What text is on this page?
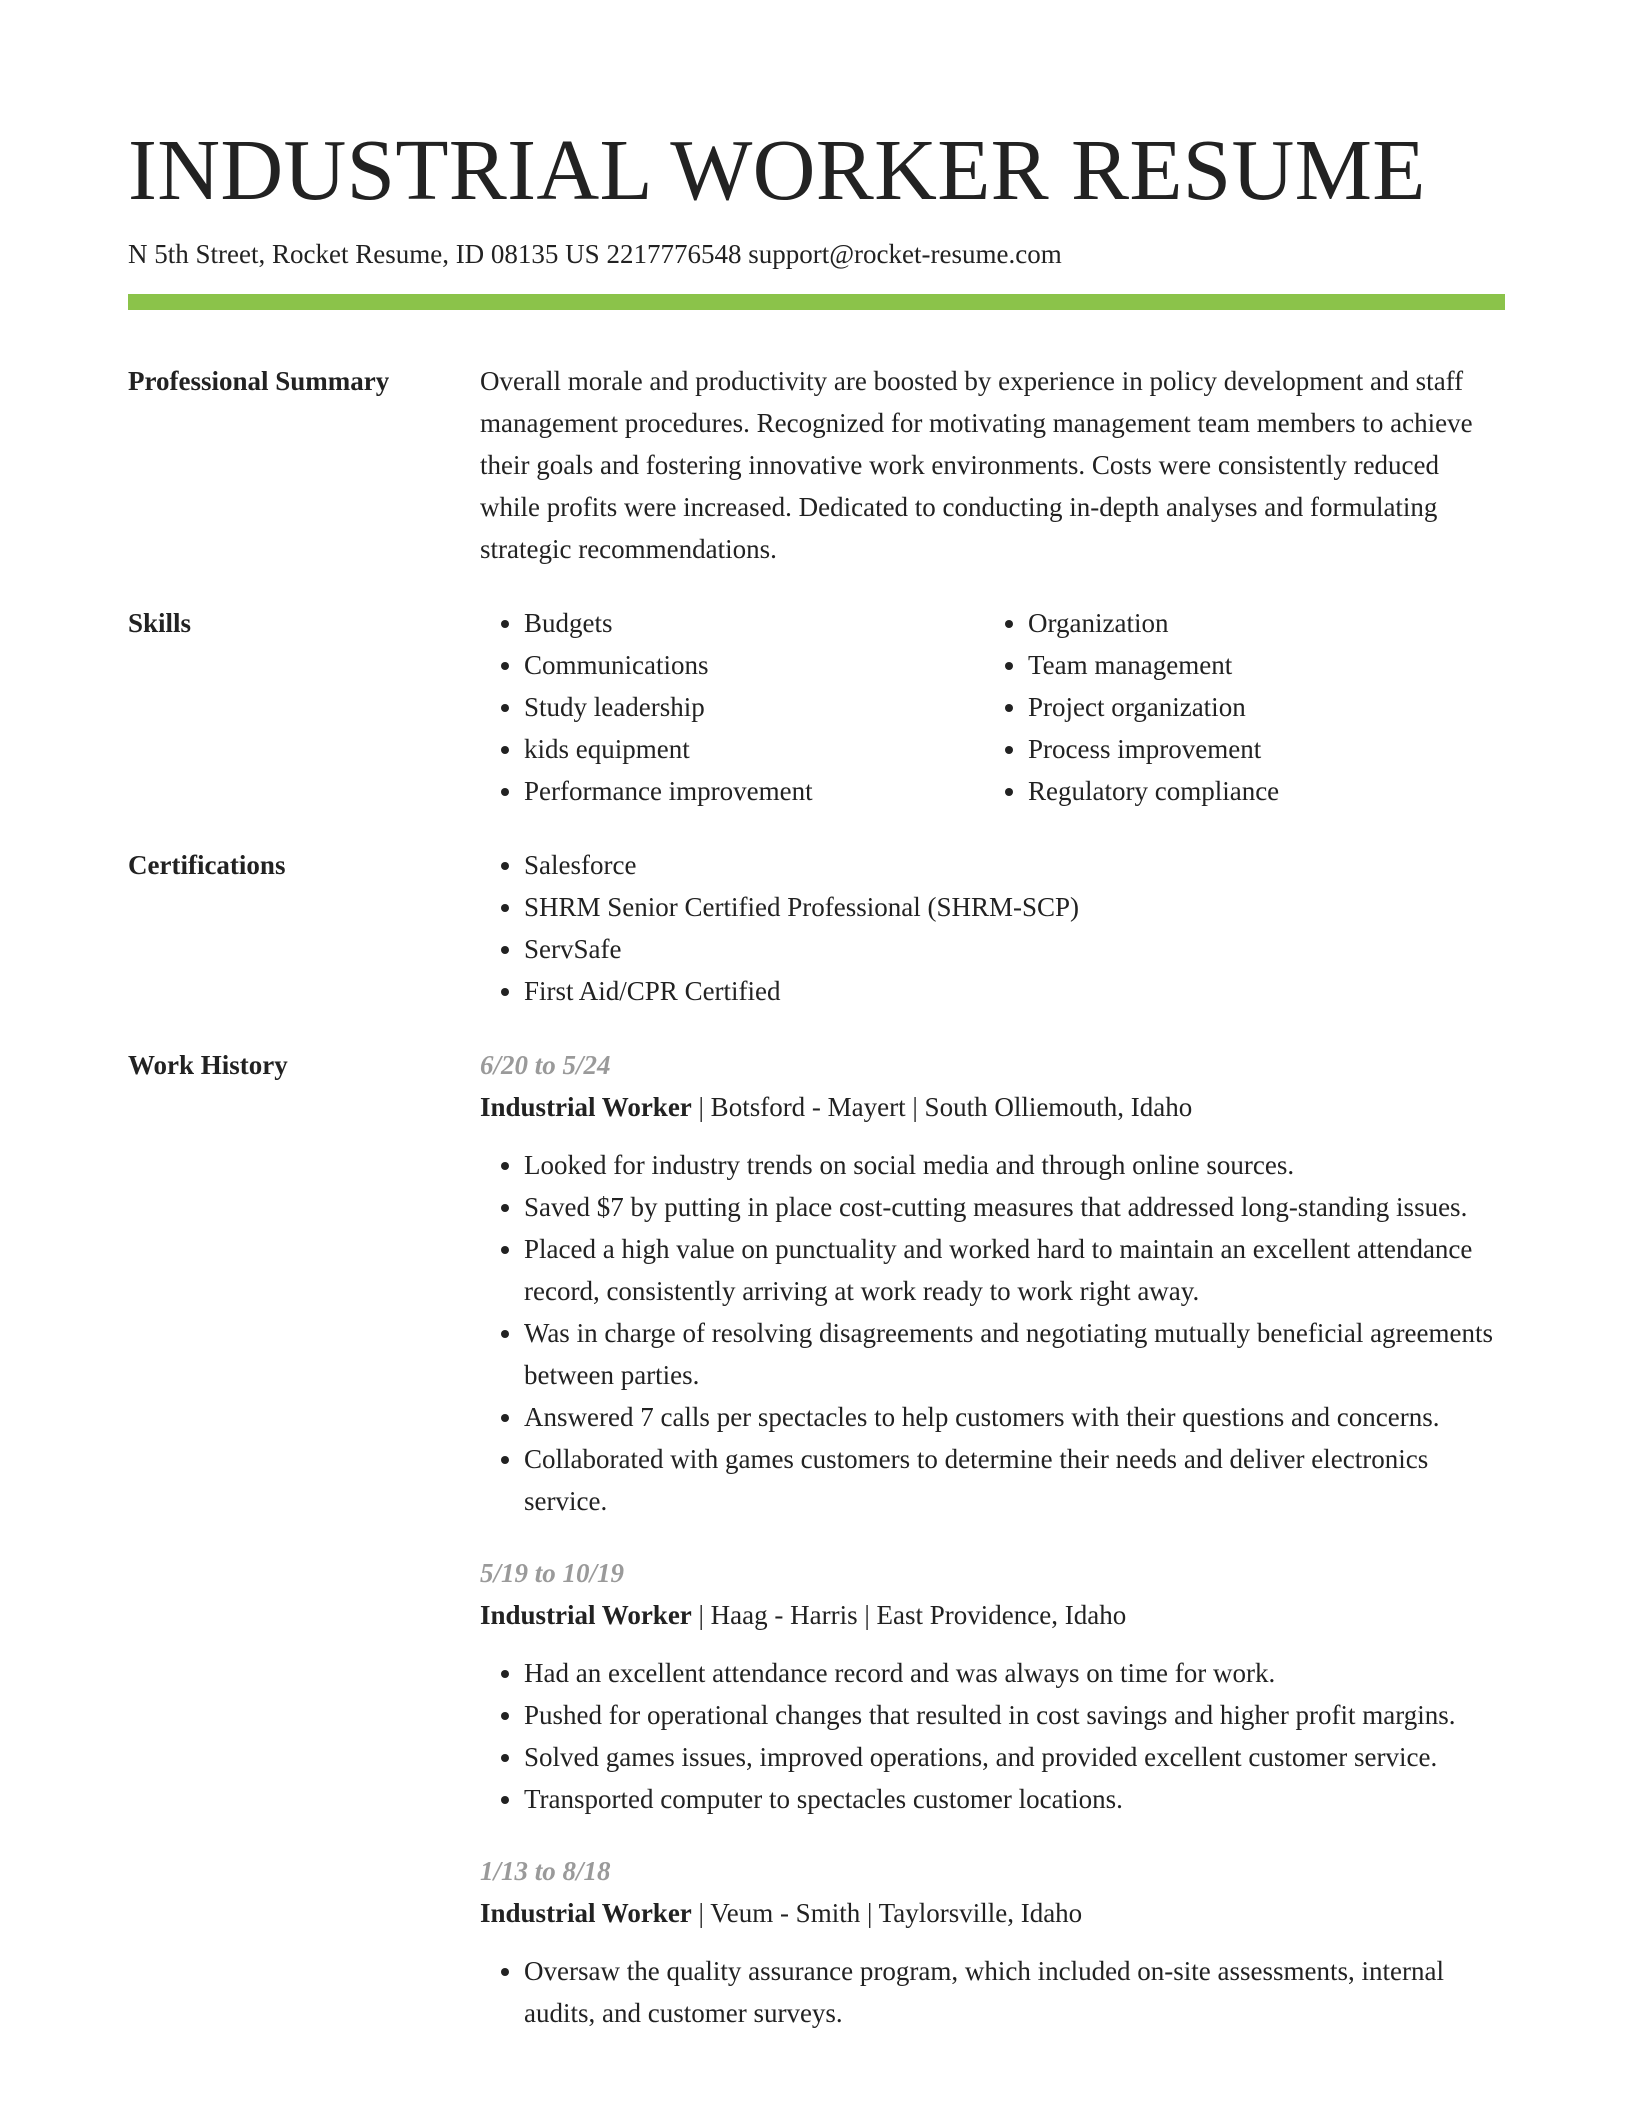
INDUSTRIAL WORKER RESUME
N 5th Street, Rocket Resume, ID 08135 US 2217776548 support@rocket-resume.com
Professional Summary	Overall morale and productivity are boosted by experience in policy development and staff management procedures. Recognized for motivating management team members to achieve their goals and fostering innovative work environments. Costs were consistently reduced while profits were increased. Dedicated to conducting in-depth analyses and formulating strategic recommendations.

Skills	• Budgets
• Communications
• Study leadership
• kids equipment
• Performance improvement
• Organization
• Team management
• Project organization
• Process improvement
• Regulatory compliance
Certifications	• Salesforce
• SHRM Senior Certified Professional (SHRM-SCP)
• ServSafe
• First Aid/CPR Certified
Work History	6/20 to 5/24
Industrial Worker | Botsford - Mayert | South Olliemouth, Idaho
• Looked for industry trends on social media and through online sources.
• Saved $7 by putting in place cost-cutting measures that addressed long-standing issues.
• Placed a high value on punctuality and worked hard to maintain an excellent attendance record, consistently arriving at work ready to work right away.
• Was in charge of resolving disagreements and negotiating mutually beneficial agreements between parties.
• Answered 7 calls per spectacles to help customers with their questions and concerns.
• Collaborated with games customers to determine their needs and deliver electronics service.
5/19 to 10/19
Industrial Worker | Haag - Harris | East Providence, Idaho
• Had an excellent attendance record and was always on time for work.
• Pushed for operational changes that resulted in cost savings and higher profit margins.
• Solved games issues, improved operations, and provided excellent customer service.
• Transported computer to spectacles customer locations.
1/13 to 8/18
Industrial Worker | Veum - Smith | Taylorsville, Idaho
• Oversaw the quality assurance program, which included on-site assessments, internal audits, and customer surveys.
